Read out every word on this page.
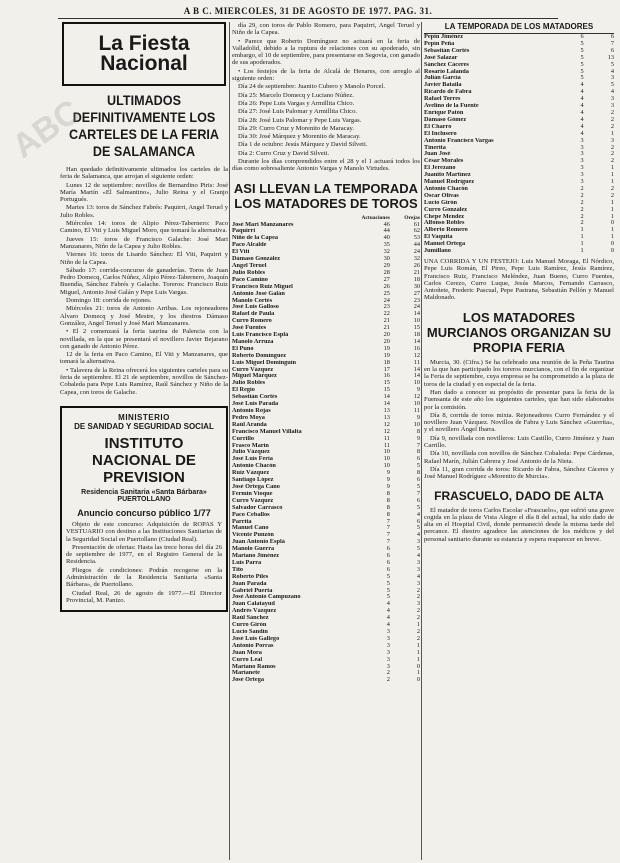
A B C. MIERCOLES, 31 DE AGOSTO DE 1977. PAG. 31.
La Fiesta
Nacional
ULTIMADOS DEFINITIVAMENTE LOS CARTELES DE LA FERIA DE SALAMANCA

Han quedado definitivamente ultimados los carteles de la feria de Salamanca, que arrojan el siguiente orden:

Lunes 12 de septiembre: novillos de Bernardino Piris: José María Martín «El Salmantino», Julio Reina y el Granjo Portugués.

Martes 13: toros de Sánchez Fabrés: Paquirri, Angel Teruel y Julio Robles.

Miércoles 14: toros de Alipio Pérez-Tabernero: Paco Camino, El Viti y Luis Miguel Moro, que tomará la alternativa.

Jueves 15: toros de Francisco Galache: José Mari Manzanares, Niño de la Capea y Julio Robles.

Viernes 16: toros de Lisardo Sánchez: El Viti, Paquirri y Niño de la Capea.

Sábado 17: corrida-concurso de ganaderías. Toros de Juan Pedro Domecq, Carlos Núñez, Alipio Pérez-Tabernero, Joaquín Buendía, Sánchez Fabrés y Galache. Toreros: Francisco Ruiz Miguel, Antonio José Galán y Pepe Luis Vargas.

Domingo 18: corrida de rejones.

Miércoles 21: toros de Antonio Arribas. Los rejoneadores Alvaro Domecq y José Mestre, y los diestros Dámaso González, Angel Teruel y José Mari Manzanares.

• El 2 comenzará la feria taurina de Palencia con la novillada, en la que se presentará el novillero Javier Bejarano con ganado de Antonio Pérez.

12 de la feria en Paco Camino, El Viti y Manzanares, que tomará la alternativa.

• Talavera de la Reina ofrecerá los siguientes carteles para su feria de septiembre. El 21 de septiembre, novillos de Sánchez-Cobaleda para Pepe Luis Ramírez, Raúl Sánchez y Niño de la Capea, con toros de Galache.

MINISTERIO
DE SANIDAD Y SEGURIDAD SOCIAL
INSTITUTO NACIONAL DE PREVISION
Residencia Sanitaria «Santa Bárbara»
PUERTOLLANO
Anuncio concurso público 1/77

Objeto de este concurso: Adquisición de ROPAS Y VESTUARIO con destino a las Instituciones Sanitarias de la Seguridad Social en Puertollano (Ciudad Real).

Presentación de ofertas: Hasta las trece horas del día 26 de septiembre de 1977, en el Registro General de la Residencia.

Pliegos de condiciones: Podrán recogerse en la Administración de la Residencia Sanitaria «Santa Bárbara», de Puertollano.

Ciudad Real, 26 de agosto de 1977.—El Director Provincial, M. Panizo.

día 29, con toros de Pablo Romero, para Paquirri, Angel Teruel y Niño de la Capea.

• Parece que Roberto Domínguez no actuará en la feria de Valladolid, debido a la ruptura de relaciones con su apoderado, sin embargo, el 10 de septiembre, para presentarse en Segovia, con ganado de sus apoderados.

• Los festejos de la feria de Alcalá de Henares, con arreglo al siguiente orden:

Día 24 de septiembre: Juanito Cubero y Manolo Porcel.

Día 25: Marcelo Domecq y Luciano Núñez.

Día 26: Pepe Luis Vargas y Armillita Chico.

Día 27: José Luis Palomar y Armillita Chico.

Día 28: José Luis Palomar y Pepe Luis Vargas.

Día 29: Curro Cruz y Morenito de Maracay.

Día 30: José Márquez y Morenito de Maracay.

Día 1 de octubre: Jesús Márquez y David Silveti.

Día 2: Curro Cruz y David Silveti.

Durante los días comprendidos entre el 28 y el 1 actuará todos los días como sobresaliente Antonio Vargas y Manolo Virtudes.

ASI LLEVAN LA TEMPORADA LOS MATADORES DE TOROS
	Actuaciones	Orejas
José Mari Manzanares	46	61
Paquirri	44	62
Niño de la Capea	40	53
Paco Alcalde	35	44
El Viti	32	24
Dámaso González	30	32
Angel Teruel	29	26
Julio Robles	28	21
Paco Camino	27	18
Francisco Ruiz Miguel	26	30
Antonio José Galán	25	27
Manolo Cortés	24	23
José Luis Galloso	23	24
Rafael de Paula	22	14
Curro Romero	21	10
José Fuentes	21	15
Luis Francisco Esplá	20	18
Manolo Arruza	20	14
El Puno	19	16
Roberto Domínguez	19	12
Luis Miguel Dominguín	18	11
Curro Vázquez	17	14
Miguel Márquez	16	14
Julio Robles	15	10
El Regio	15	9
Sebastián Cortés	14	12
José Luis Parada	14	10
Antonio Rojas	13	11
Pedro Moya	13	9
Raúl Aranda	12	10
Francisco Manuel Villalta	12	8
Currillo	11	9
Frasco Marin	11	7
Julio Vázquez	10	8
José Luis Feria	10	6
Antonio Chacón	10	5
Ruiz Vázquez	9	8
Santiago López	9	6
José Ortega Cano	9	5
Fermin Vioque	8	7
Curro Vázquez	8	6
Salvador Carrasco	8	5
Paco Ceballos	8	4
Parrita	7	6
Manuel Cano	7	5
Vicente Punzón	7	4
Juan Antonio Esplá	7	3
Manolo Guerra	6	5
Mariano Jiménez	6	4
Luis Parra	6	3
Tito	6	3
Roberto Piles	5	4
Juan Parada	5	3
Gabriel Puerta	5	2
José Antonio Campuzano	5	2
Juan Calatayud	4	3
Andrés Vázquez	4	2
Raúl Sánchez	4	2
Curro Girón	4	1
Lucio Sandín	3	2
José Luis Gallego	3	2
Antonio Porras	3	1
Juan Mora	3	1
Curro Leal	3	1
Mariano Ramos	3	0
Marianete	2	1
José Ortega	2	0
LA TEMPORADA DE LOS MATADORES
Pepín Jiménez	6	6
Pepín Peña	5	7
Sebastián Cortés	5	6
José Salazar	5	13
Sánchez Cáceres	5	5
Rosario Lalanda	5	4
Julián García	5	3
Javier Bataila	4	5
Ricardo de Fabra	4	4
Rafael Torres	4	3
Avelino de la Fuente	4	3
Enrique Patón	4	2
Dámaso Gómez	4	2
El Charro	4	2
El Inclusero	4	1
Antonio Francisco Vargas	3	3
Tinerita	3	2
Juan José	3	2
César Morales	3	2
El Jerezano	3	1
Juanito Martínez	3	1
Manuel Rodríguez	3	1
Antonio Chacón	2	2
Oscar Olivas	2	2
Lucio Girón	2	1
Curro González	2	1
Chepe Mendez	2	1
Alfonso Robles	2	0
Alberto Romero	1	1
El Vaquita	1	1
Manuel Ortega	1	0
Jumillano	1	0

UNA CORRIDA Y UN FESTEJO: Luis Manuel Moraga, El Nórdico, Pepe Luis Román, El Pireo, Pepe Luis Ramírez, Jesús Ramírez, Francisco Ruiz, Francisco Meléndez, Juan Bueno, Curro Fuentes, Carlos Cerezo, Curro Luque, Jesús Marcos, Fernando Carrasco, Antoñete, Frederic Pascual, Pepe Pastrana, Sebastián Pellón y Manuel Maldonado.

LOS MATADORES MURCIANOS ORGANIZAN SU PROPIA FERIA

Murcia, 30. (Cifra.) Se ha celebrado una reunión de la Peña Taurina en la que han participado los toreros murcianos, con el fin de organizar la Feria de septiembre, cuya empresa se ha comprometido a la plaza de toros de la ciudad y en especial de la feria.

Han dado a conocer su propósito de presentar para la feria de la Fuensanta de este año los siguientes carteles, que han sido elaborados por la comisión.

Día 8, corrida de toros mixta. Rejoneadores Curro Fernández y el novillero Juan Vázquez. Novillos de Fabra y Luis Sánchez «Guerrita», y el novillero Ángel Ibarra.

Día 9, novillada con novilleros: Luis Castillo, Curro Jiménez y Juan Carrillo.

Día 10, novillada con novillos de Sánchez Cobaleda: Pepe Cárdenas, Rafael Marín, Julián Cabrera y José Antonio de la Nieta.

Día 11, gran corrida de toros: Ricardo de Fabra, Sánchez Cáceres y José Manuel Rodríguez «Morenito de Murcia».

FRASCUELO, DADO DE ALTA

El matador de toros Carlos Escolar «Frascuelo», que sufrió una grave cogida en la plaza de Vista Alegre el día 8 del actual, ha sido dado de alta en el Hospital Civil, donde permaneció desde la misma tarde del percance. El diestro agradece las atenciones de los médicos y del personal sanitario durante su estancia y espera reaparecer en breve.

ABC
